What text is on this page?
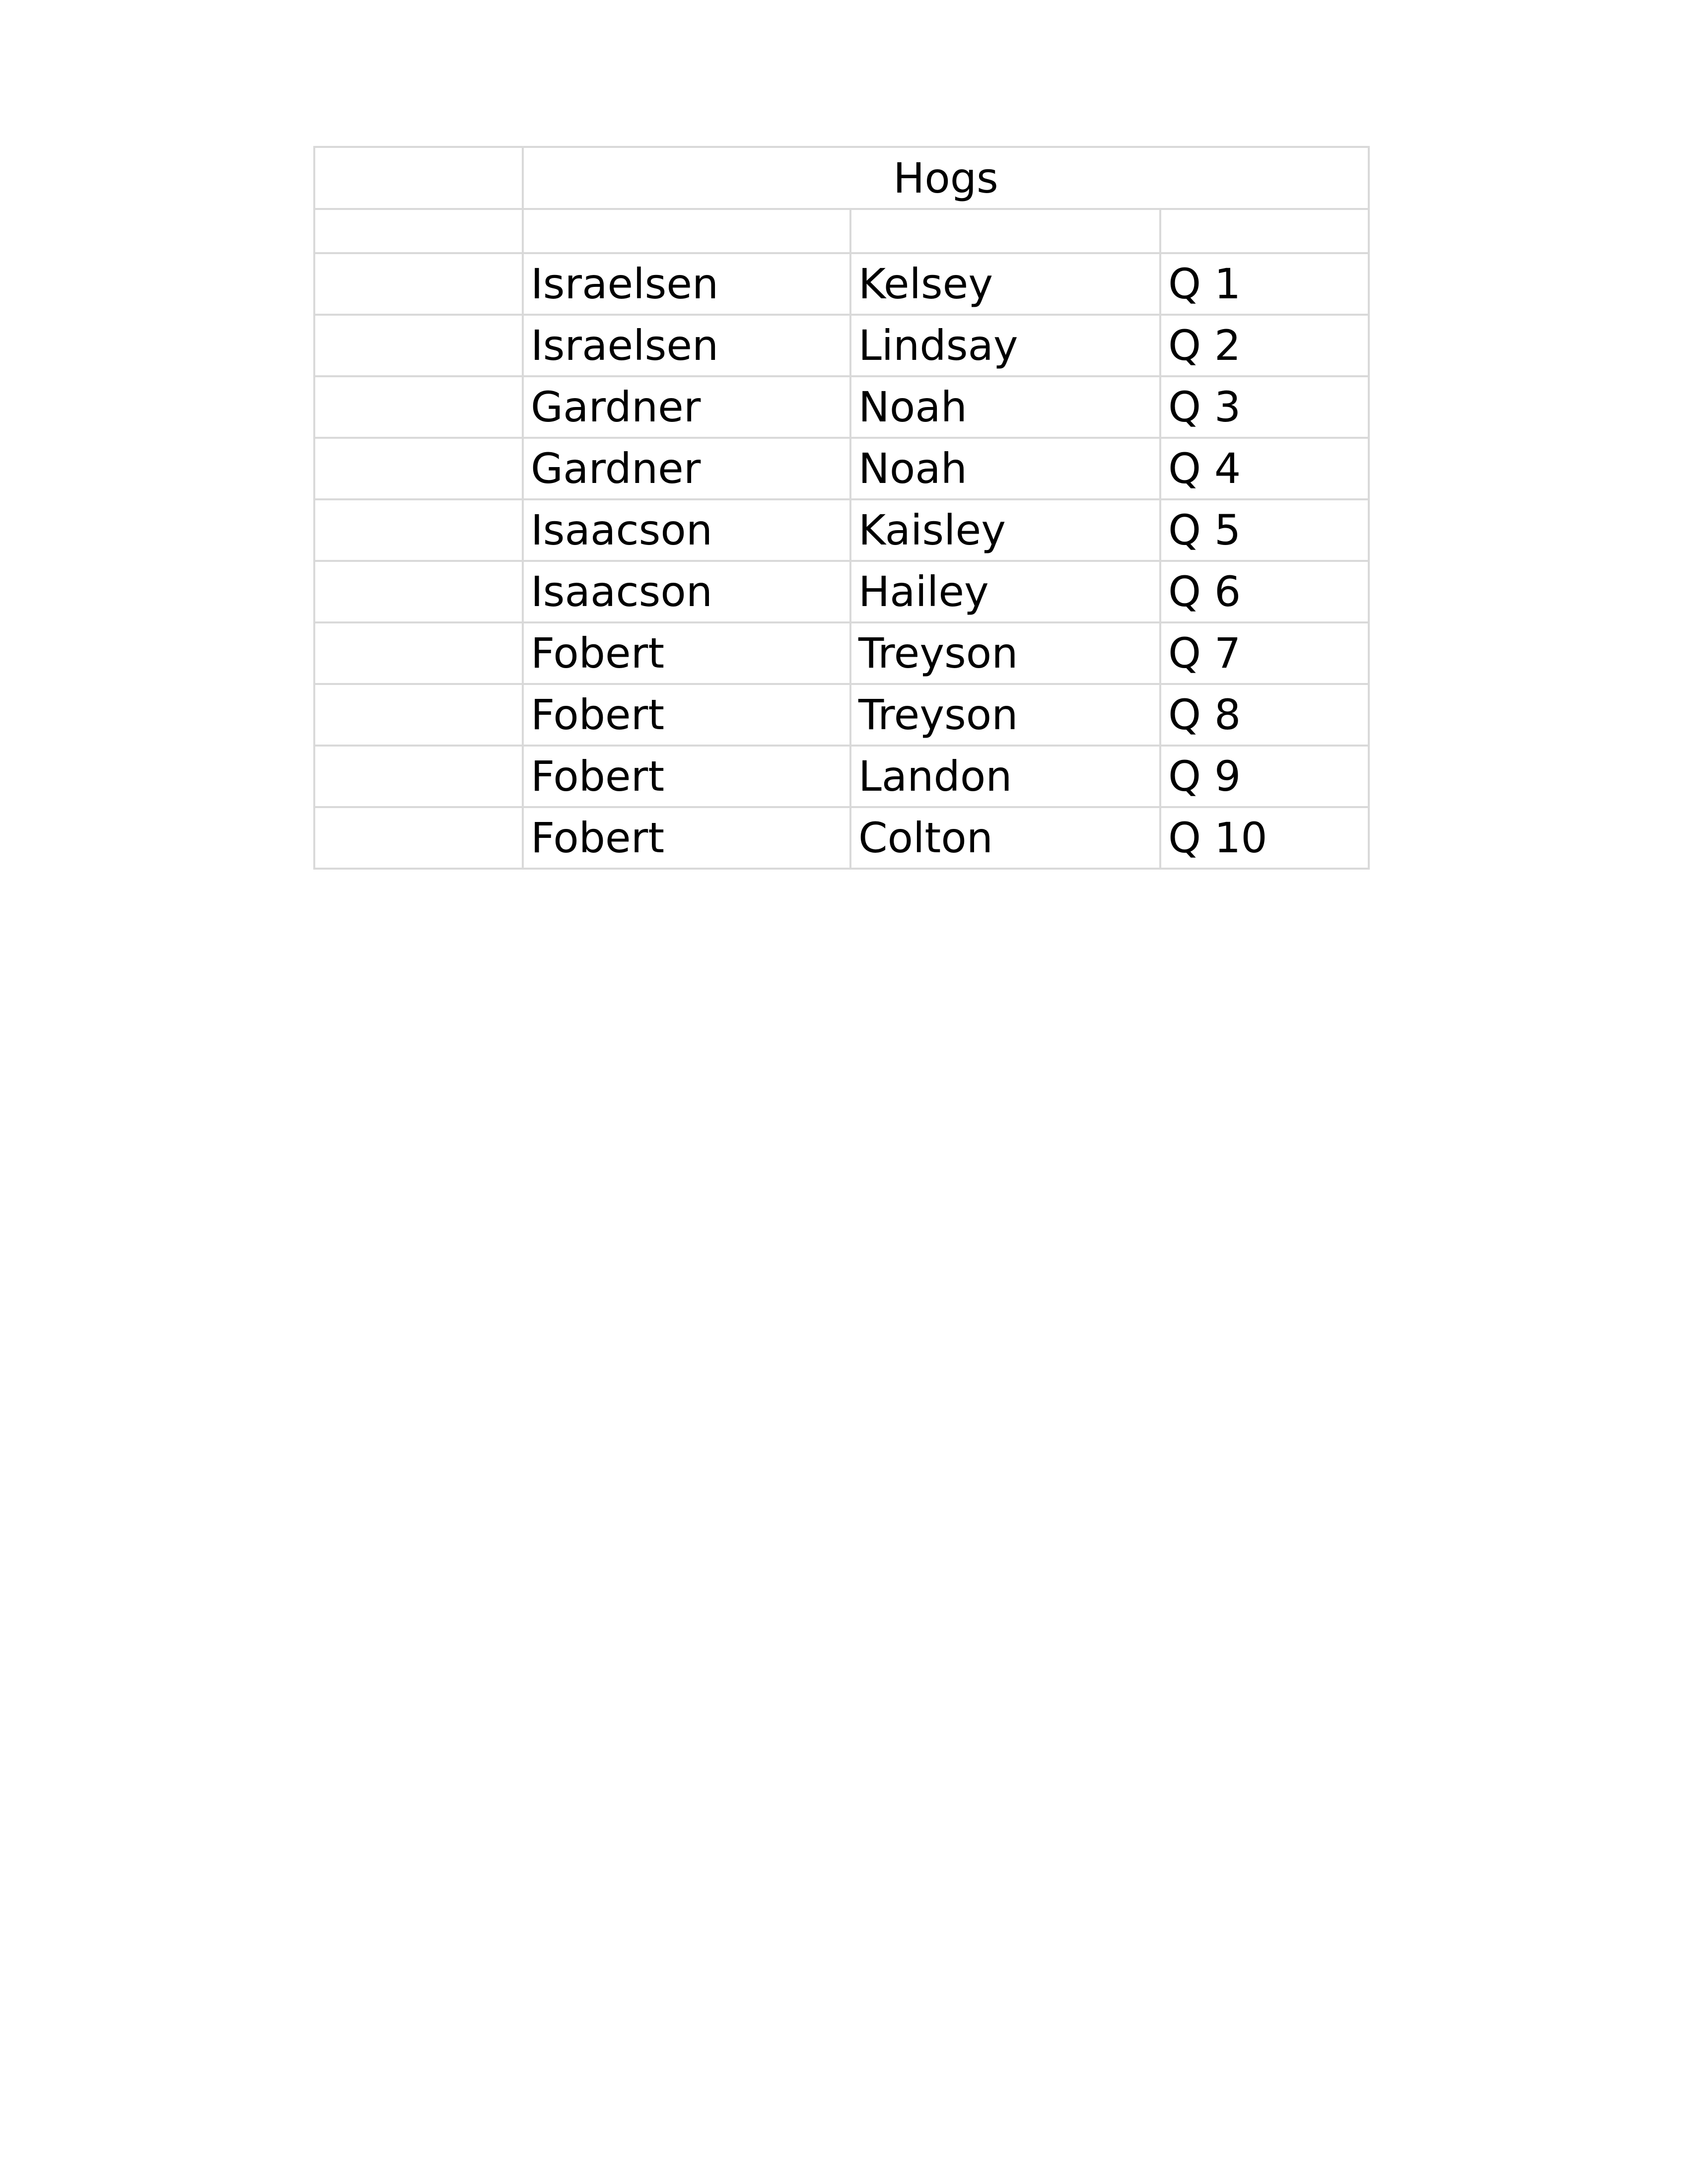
	Hogs		

	Israelsen	Kelsey	Q 1
	Israelsen	Lindsay	Q 2
	Gardner	Noah	Q 3
	Gardner	Noah	Q 4
	Isaacson	Kaisley	Q 5
	Isaacson	Hailey	Q 6
	Fobert	Treyson	Q 7
	Fobert	Treyson	Q 8
	Fobert	Landon	Q 9
	Fobert	Colton	Q 10
